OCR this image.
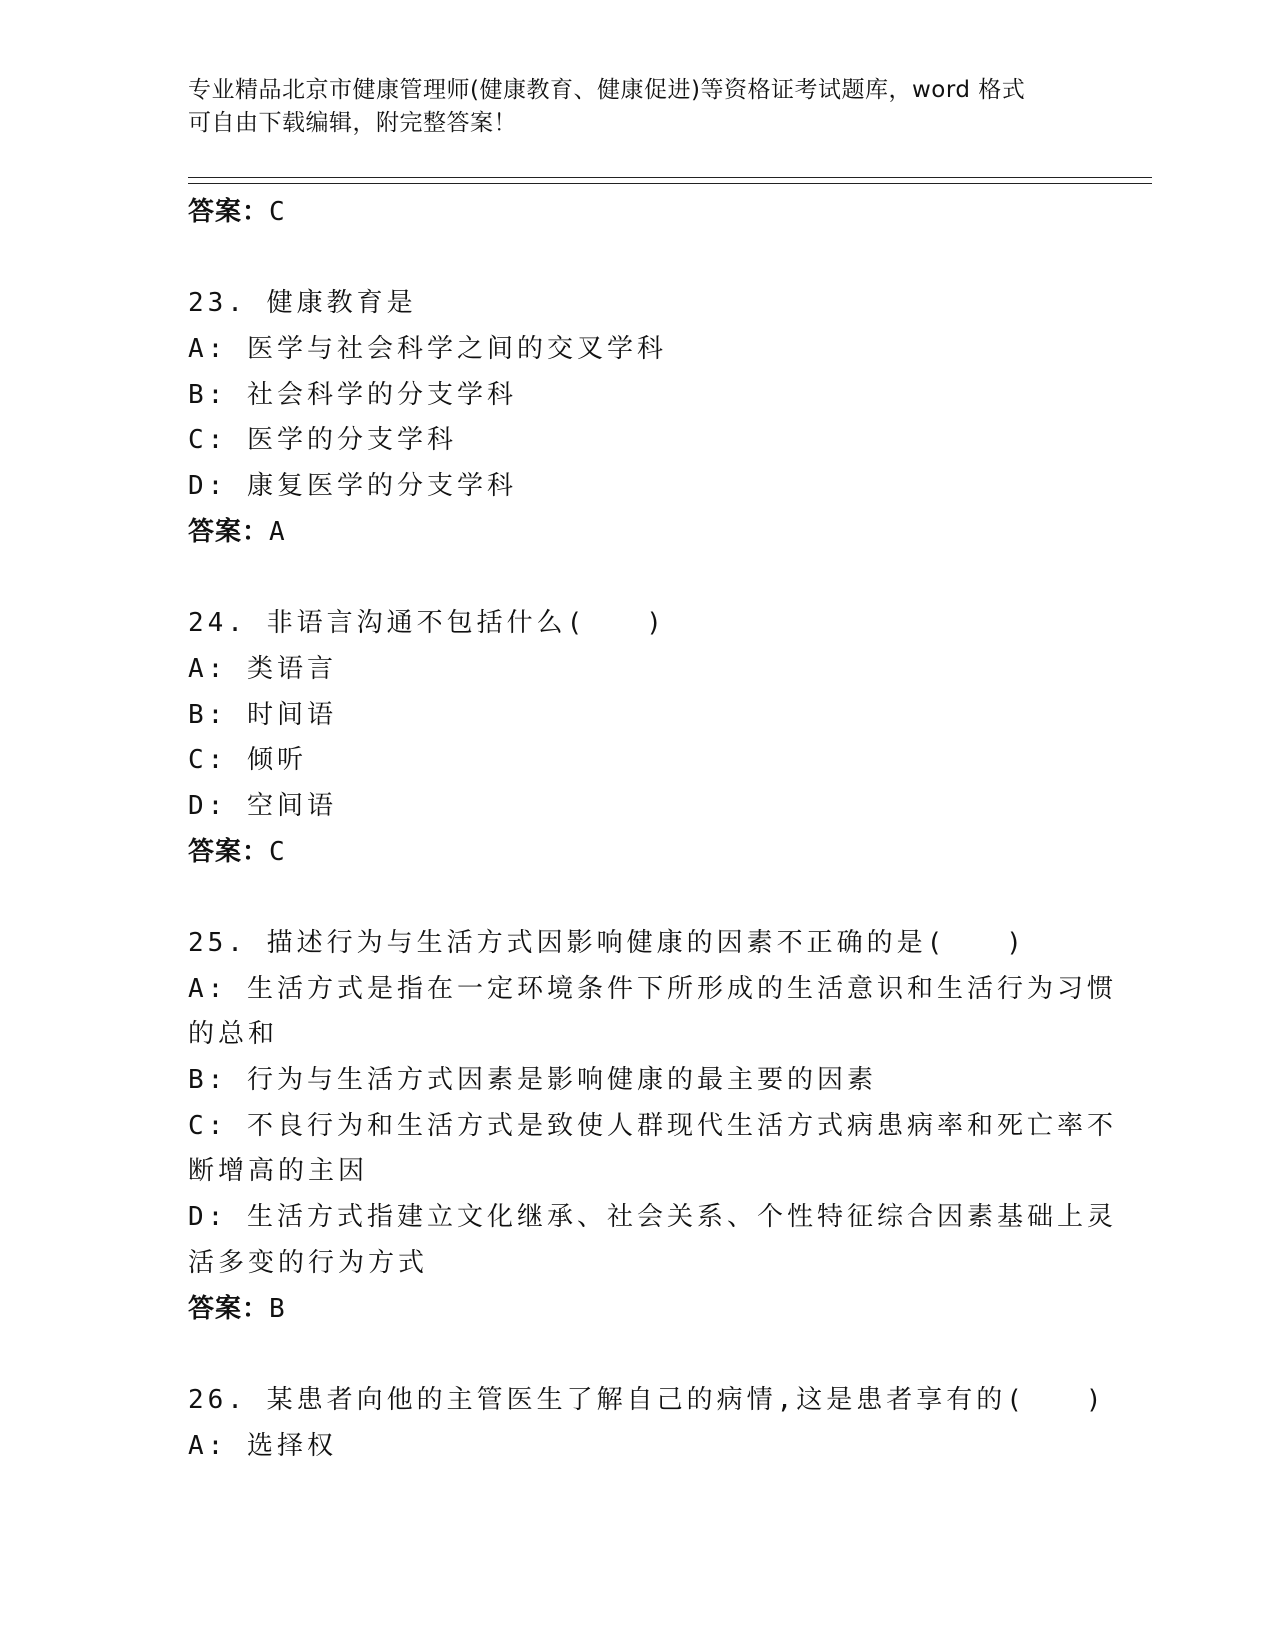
专业精品北京市健康管理师(健康教育、健康促进)等资格证考试题库，word 格式
可自由下载编辑，附完整答案！
答案：C
23. 健康教育是
A: 医学与社会科学之间的交叉学科
B: 社会科学的分支学科
C: 医学的分支学科
D: 康复医学的分支学科
答案：A
24. 非语言沟通不包括什么(　　)
A: 类语言
B: 时间语
C: 倾听
D: 空间语
答案：C
25. 描述行为与生活方式因影响健康的因素不正确的是(　　)
A: 生活方式是指在一定环境条件下所形成的生活意识和生活行为习惯
的总和
B: 行为与生活方式因素是影响健康的最主要的因素
C: 不良行为和生活方式是致使人群现代生活方式病患病率和死亡率不
断增高的主因
D: 生活方式指建立文化继承、社会关系、个性特征综合因素基础上灵
活多变的行为方式
答案：B
26. 某患者向他的主管医生了解自己的病情,这是患者享有的(　　)
A: 选择权
